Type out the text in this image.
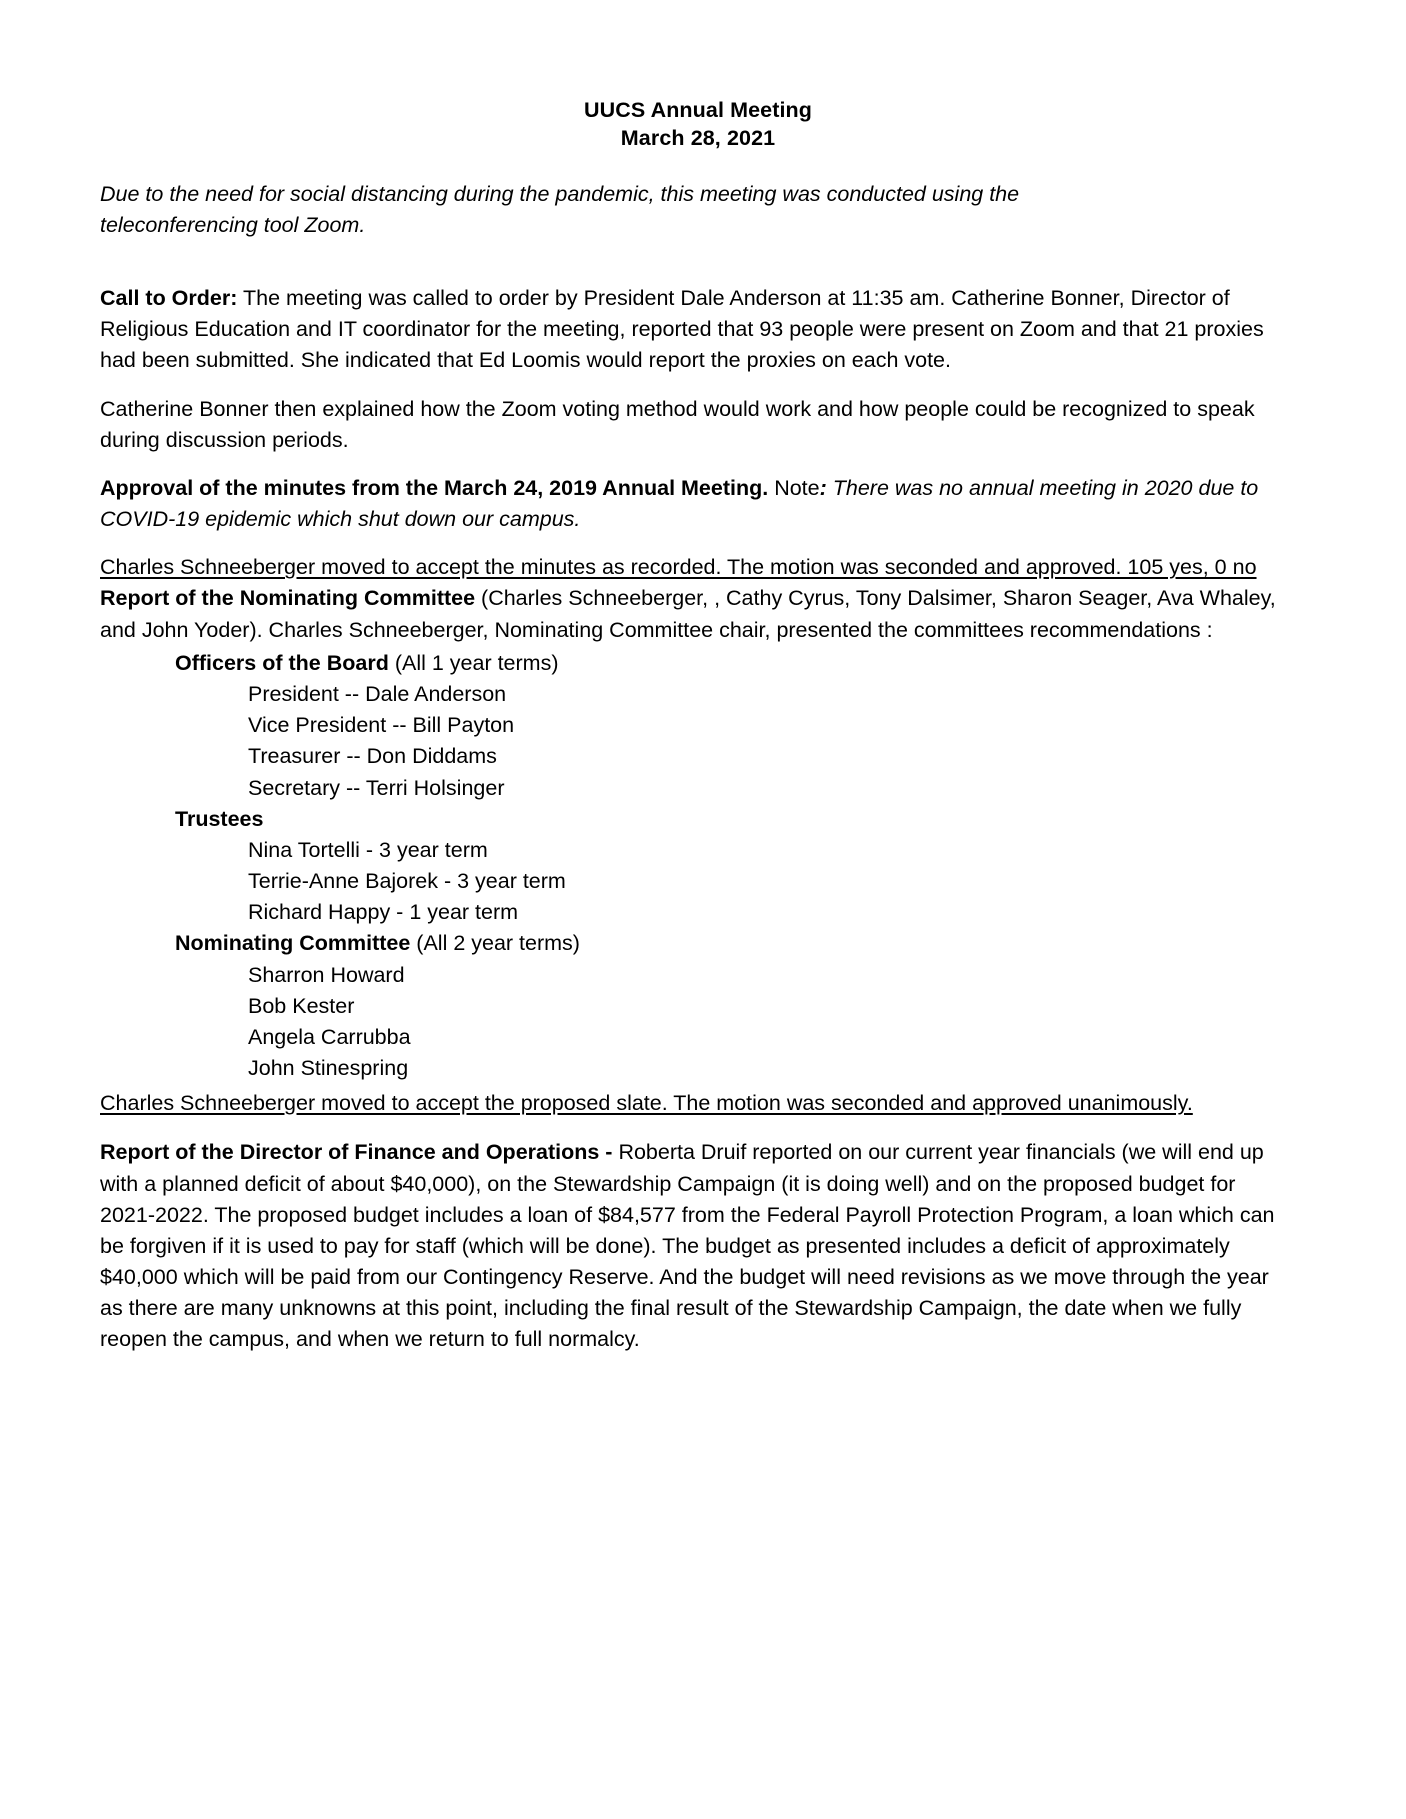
UUCS Annual Meeting
March 28, 2021

Due to the need for social distancing during the pandemic, this meeting was conducted using the teleconferencing tool Zoom.

Call to Order: The meeting was called to order by President Dale Anderson at 11:35 am. Catherine Bonner, Director of Religious Education and IT coordinator for the meeting, reported that 93 people were present on Zoom and that 21 proxies had been submitted. She indicated that Ed Loomis would report the proxies on each vote.

Catherine Bonner then explained how the Zoom voting method would work and how people could be recognized to speak during discussion periods.

Approval of the minutes from the March 24, 2019 Annual Meeting. Note: There was no annual meeting in 2020 due to COVID-19 epidemic which shut down our campus.

Charles Schneeberger moved to accept the minutes as recorded. The motion was seconded and approved. 105 yes, 0 no

Report of the Nominating Committee (Charles Schneeberger, , Cathy Cyrus, Tony Dalsimer, Sharon Seager, Ava Whaley, and John Yoder). Charles Schneeberger, Nominating Committee chair, presented the committees recommendations :

Officers of the Board (All 1 year terms)
President -- Dale Anderson
Vice President -- Bill Payton
Treasurer -- Don Diddams
Secretary -- Terri Holsinger
Trustees
Nina Tortelli - 3 year term
Terrie-Anne Bajorek - 3 year term
Richard Happy - 1 year term
Nominating Committee (All 2 year terms)
Sharron Howard
Bob Kester
Angela Carrubba
John Stinespring

Charles Schneeberger moved to accept the proposed slate. The motion was seconded and approved unanimously.

Report of the Director of Finance and Operations - Roberta Druif reported on our current year financials (we will end up with a planned deficit of about $40,000), on the Stewardship Campaign (it is doing well) and on the proposed budget for 2021-2022. The proposed budget includes a loan of $84,577 from the Federal Payroll Protection Program, a loan which can be forgiven if it is used to pay for staff (which will be done). The budget as presented includes a deficit of approximately $40,000 which will be paid from our Contingency Reserve. And the budget will need revisions as we move through the year as there are many unknowns at this point, including the final result of the Stewardship Campaign, the date when we fully reopen the campus, and when we return to full normalcy.
